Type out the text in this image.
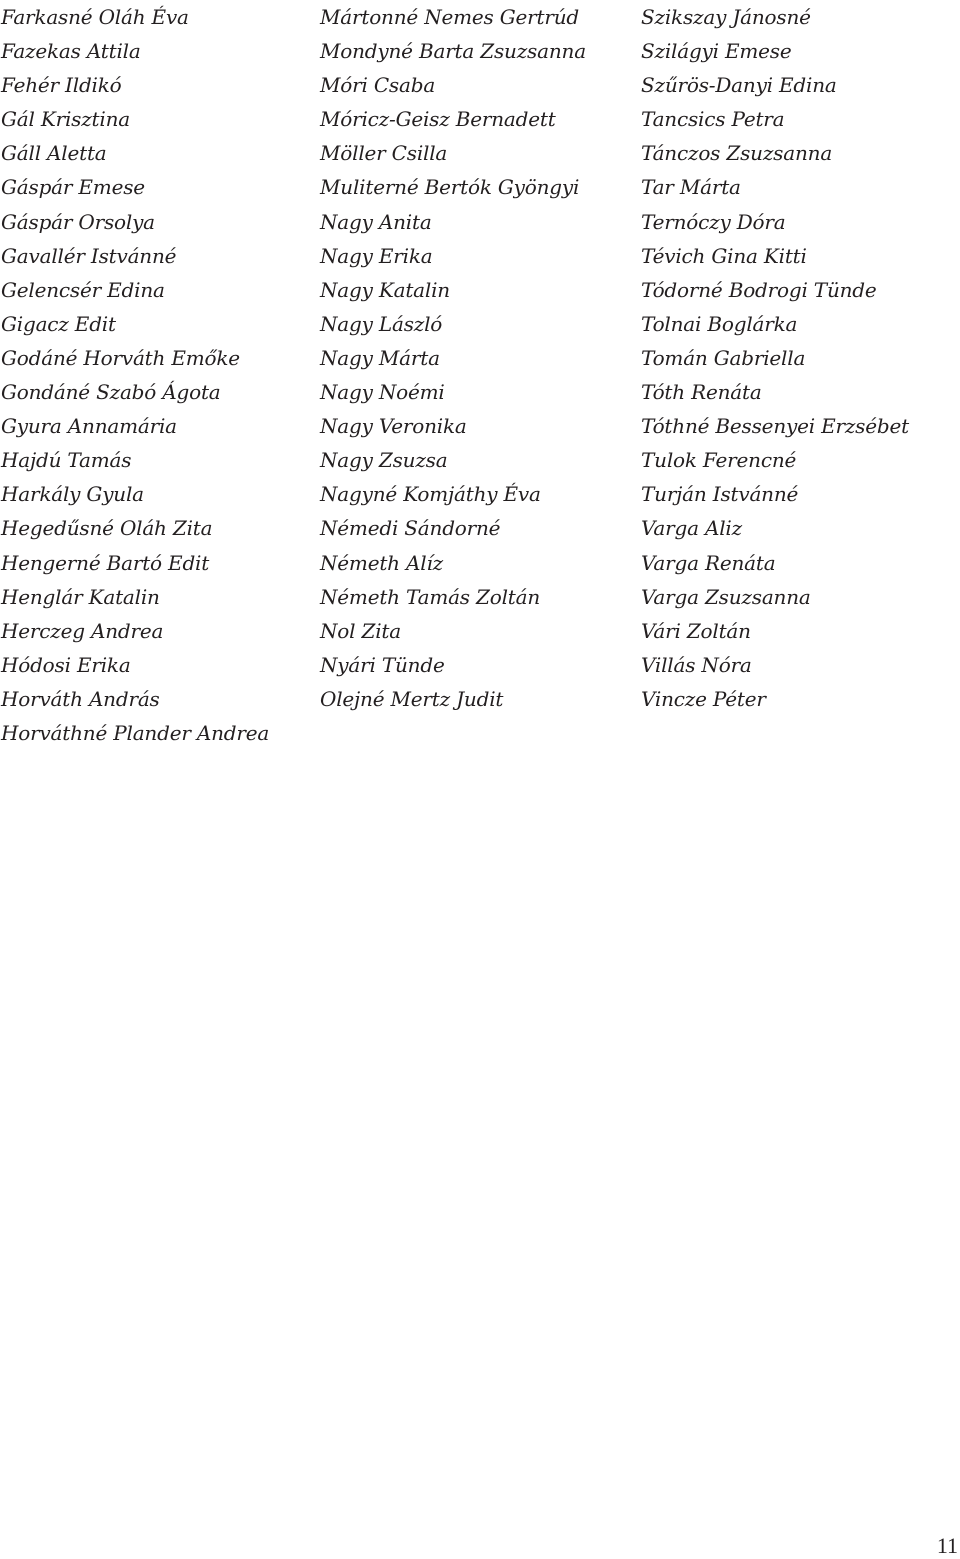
Farkasné Oláh Éva
Fazekas Attila
Fehér Ildikó
Gál Krisztina
Gáll Aletta
Gáspár Emese
Gáspár Orsolya
Gavallér Istvánné
Gelencsér Edina
Gigacz Edit
Godáné Horváth Emőke
Gondáné Szabó Ágota
Gyura Annamária
Hajdú Tamás
Harkály Gyula
Hegedűsné Oláh Zita
Hengerné Bartó Edit
Henglár Katalin
Herczeg Andrea
Hódosi Erika
Horváth András
Horváthné Plander Andrea
Mártonné Nemes Gertrúd
Mondyné Barta Zsuzsanna
Móri Csaba
Móricz-Geisz Bernadett
Möller Csilla
Muliterné Bertók Gyöngyi
Nagy Anita
Nagy Erika
Nagy Katalin
Nagy László
Nagy Márta
Nagy Noémi
Nagy Veronika
Nagy Zsuzsa
Nagyné Komjáthy Éva
Némedi Sándorné
Németh Alíz
Németh Tamás Zoltán
Nol Zita
Nyári Tünde
Olejné Mertz Judit
Szikszay Jánosné
Szilágyi Emese
Szűrös-Danyi Edina
Tancsics Petra
Tánczos Zsuzsanna
Tar Márta
Ternóczy Dóra
Tévich Gina Kitti
Tódorné Bodrogi Tünde
Tolnai Boglárka
Tomán Gabriella
Tóth Renáta
Tóthné Bessenyei Erzsébet
Tulok Ferencné
Turján Istvánné
Varga Aliz
Varga Renáta
Varga Zsuzsanna
Vári Zoltán
Villás Nóra
Vincze Péter
11
